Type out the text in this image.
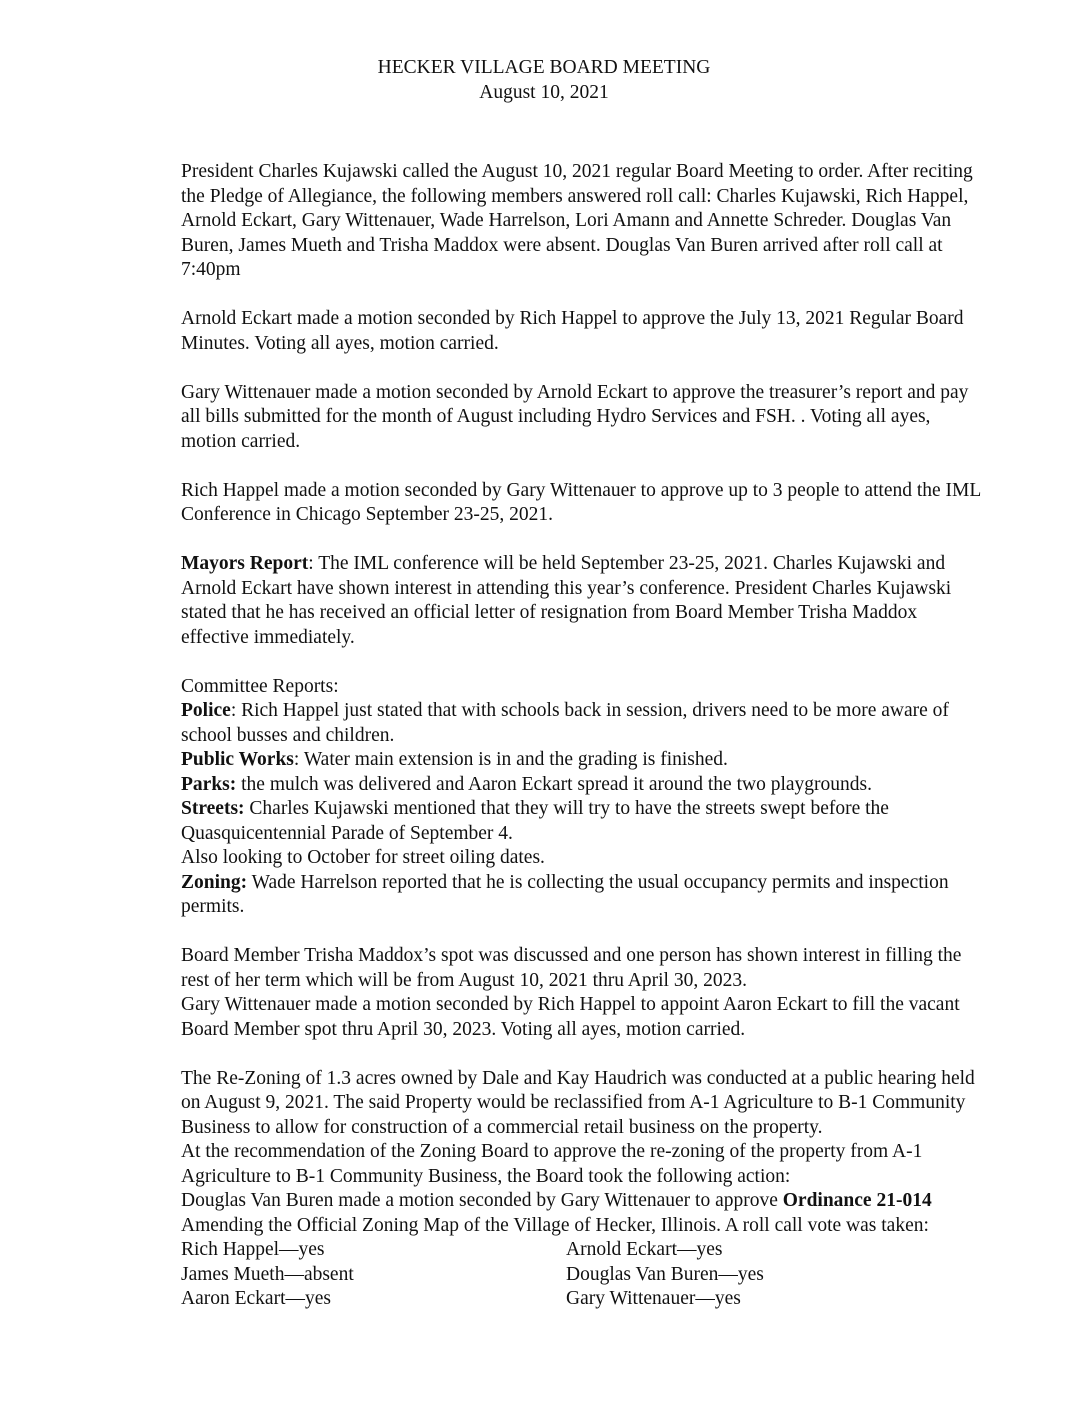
HECKER VILLAGE BOARD MEETING
August 10, 2021

President Charles Kujawski called the August 10, 2021 regular Board Meeting to order. After reciting the Pledge of Allegiance, the following members answered roll call: Charles Kujawski, Rich Happel, Arnold Eckart, Gary Wittenauer, Wade Harrelson, Lori Amann and Annette Schreder. Douglas Van Buren, James Mueth and Trisha Maddox were absent. Douglas Van Buren arrived after roll call at 7:40pm

Arnold Eckart made a motion seconded by Rich Happel to approve the July 13, 2021 Regular Board Minutes. Voting all ayes, motion carried.

Gary Wittenauer made a motion seconded by Arnold Eckart to approve the treasurer’s report and pay all bills submitted for the month of August including Hydro Services and FSH. . Voting all ayes, motion carried.

Rich Happel made a motion seconded by Gary Wittenauer to approve up to 3 people to attend the IML Conference in Chicago September 23-25, 2021.

Mayors Report: The IML conference will be held September 23-25, 2021. Charles Kujawski and Arnold Eckart have shown interest in attending this year’s conference. President Charles Kujawski stated that he has received an official letter of resignation from Board Member Trisha Maddox effective immediately.

Committee Reports:

Police: Rich Happel just stated that with schools back in session, drivers need to be more aware of school busses and children.

Public Works: Water main extension is in and the grading is finished.

Parks: the mulch was delivered and Aaron Eckart spread it around the two playgrounds.

Streets: Charles Kujawski mentioned that they will try to have the streets swept before the Quasquicentennial Parade of September 4.

Also looking to October for street oiling dates.

Zoning: Wade Harrelson reported that he is collecting the usual occupancy permits and inspection permits.

Board Member Trisha Maddox’s spot was discussed and one person has shown interest in filling the rest of her term which will be from August 10, 2021 thru April 30, 2023.

Gary Wittenauer made a motion seconded by Rich Happel to appoint Aaron Eckart to fill the vacant Board Member spot thru April 30, 2023. Voting all ayes, motion carried.

The Re-Zoning of 1.3 acres owned by Dale and Kay Haudrich was conducted at a public hearing held on August 9, 2021. The said Property would be reclassified from A-1 Agriculture to B-1 Community Business to allow for construction of a commercial retail business on the property.

At the recommendation of the Zoning Board to approve the re-zoning of the property from A-1 Agriculture to B-1 Community Business, the Board took the following action:

Douglas Van Buren made a motion seconded by Gary Wittenauer to approve Ordinance 21-014 Amending the Official Zoning Map of the Village of Hecker, Illinois. A roll call vote was taken:

Rich Happel—yes	Arnold Eckart—yes
James Mueth—absent	Douglas Van Buren—yes
Aaron Eckart—yes	Gary Wittenauer—yes
